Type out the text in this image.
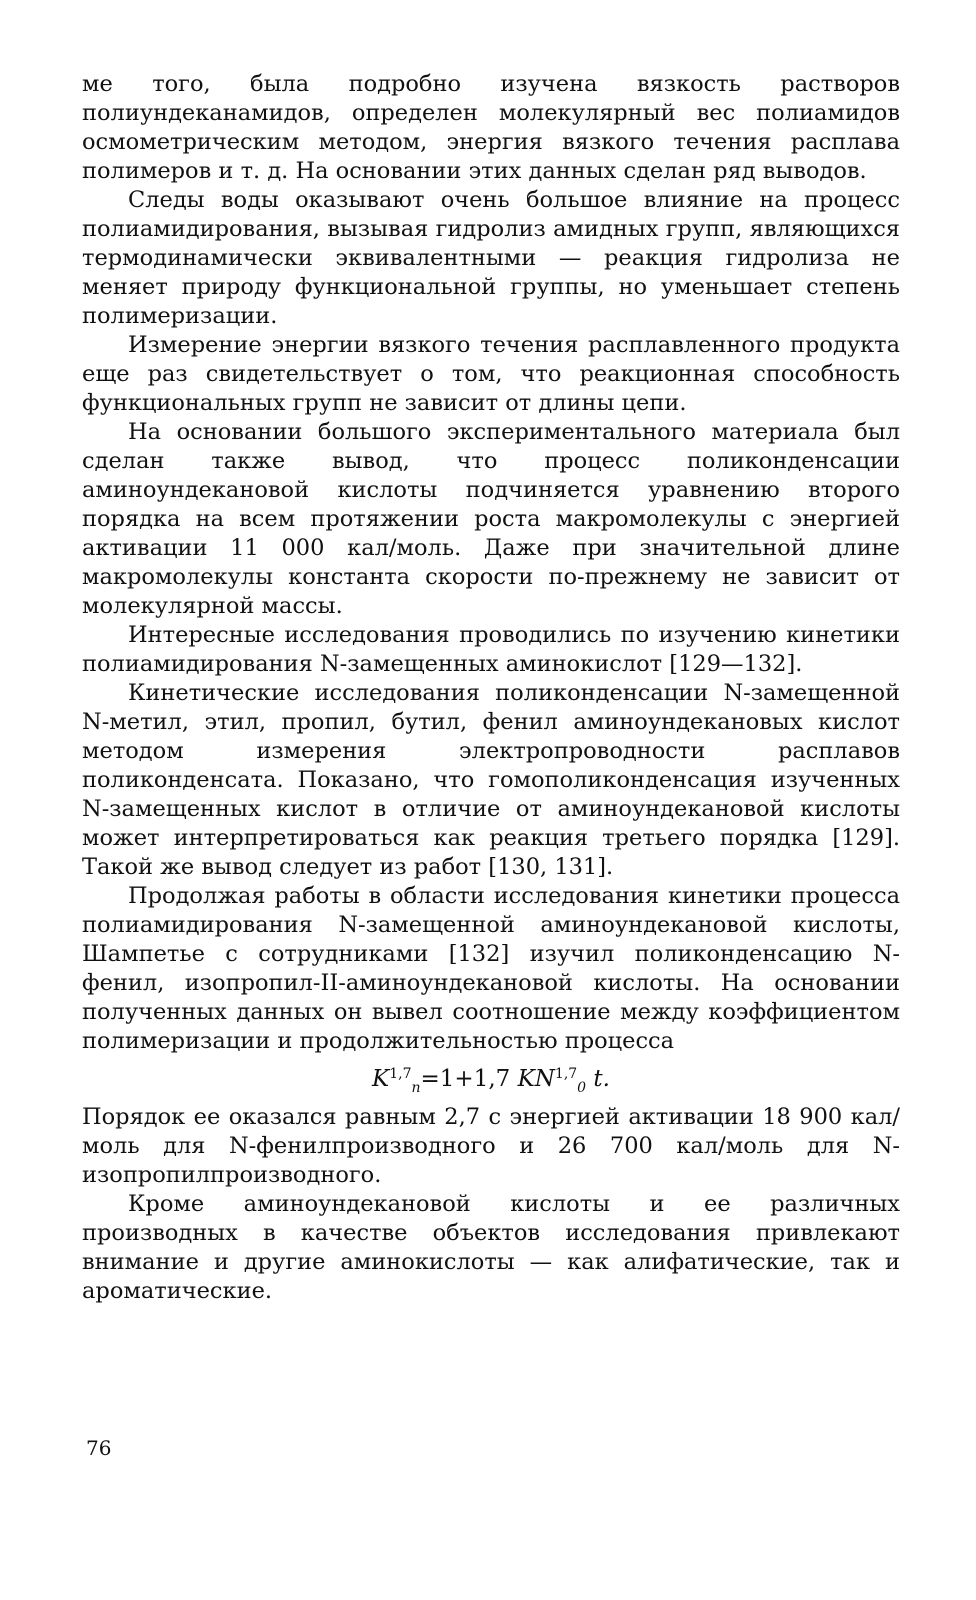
ме того, была подробно изучена вязкость растворов полиундеканамидов, определен молекулярный вес полиамидов осмометрическим методом, энергия вязкого течения расплава полимеров и т. д. На основании этих данных сделан ряд выводов.

Следы воды оказывают очень большое влияние на процесс полиамидирования, вызывая гидролиз амидных групп, являющихся термодинамически эквивалентными — реакция гидролиза не меняет природу функциональной группы, но уменьшает степень полимеризации.

Измерение энергии вязкого течения расплавленного продукта еще раз свидетельствует о том, что реакционная способность функциональных групп не зависит от длины цепи.

На основании большого экспериментального материала был сделан также вывод, что процесс поликонденсации аминоундекановой кислоты подчиняется уравнению второго порядка на всем протяжении роста макромолекулы с энергией активации 11 000 кал/моль. Даже при значительной длине макромолекулы константа скорости по-прежнему не зависит от молекулярной массы.

Интересные исследования проводились по изучению кинетики полиамидирования N-замещенных аминокислот [129—132].

Кинетические исследования поликонденсации N-замещенной N-метил, этил, пропил, бутил, фенил аминоундекановых кислот методом измерения электропроводности расплавов поликонденсата. Показано, что гомополиконденсация изученных N-замещенных кислот в отличие от аминоундекановой кислоты может интерпретироваться как реакция третьего порядка [129]. Такой же вывод следует из работ [130, 131].

Продолжая работы в области исследования кинетики процесса полиамидирования N-замещенной аминоундекановой кислоты, Шампетье с сотрудниками [132] изучил поликонденсацию N-фенил, изопропил-II-аминоундекановой кислоты. На основании полученных данных он вывел соотношение между коэффициентом полимеризации и продолжительностью процесса

K$^{1,7}_n$=1+1,7 KN$^{1,7}_0$ t.

Порядок ее оказался равным 2,7 с энергией активации 18 900 кал/моль для N-фенилпроизводного и 26 700 кал/моль для N-изопропилпроизводного.

Кроме аминоундекановой кислоты и ее различных производных в качестве объектов исследования привлекают внимание и другие аминокислоты — как алифатические, так и ароматические.

76
